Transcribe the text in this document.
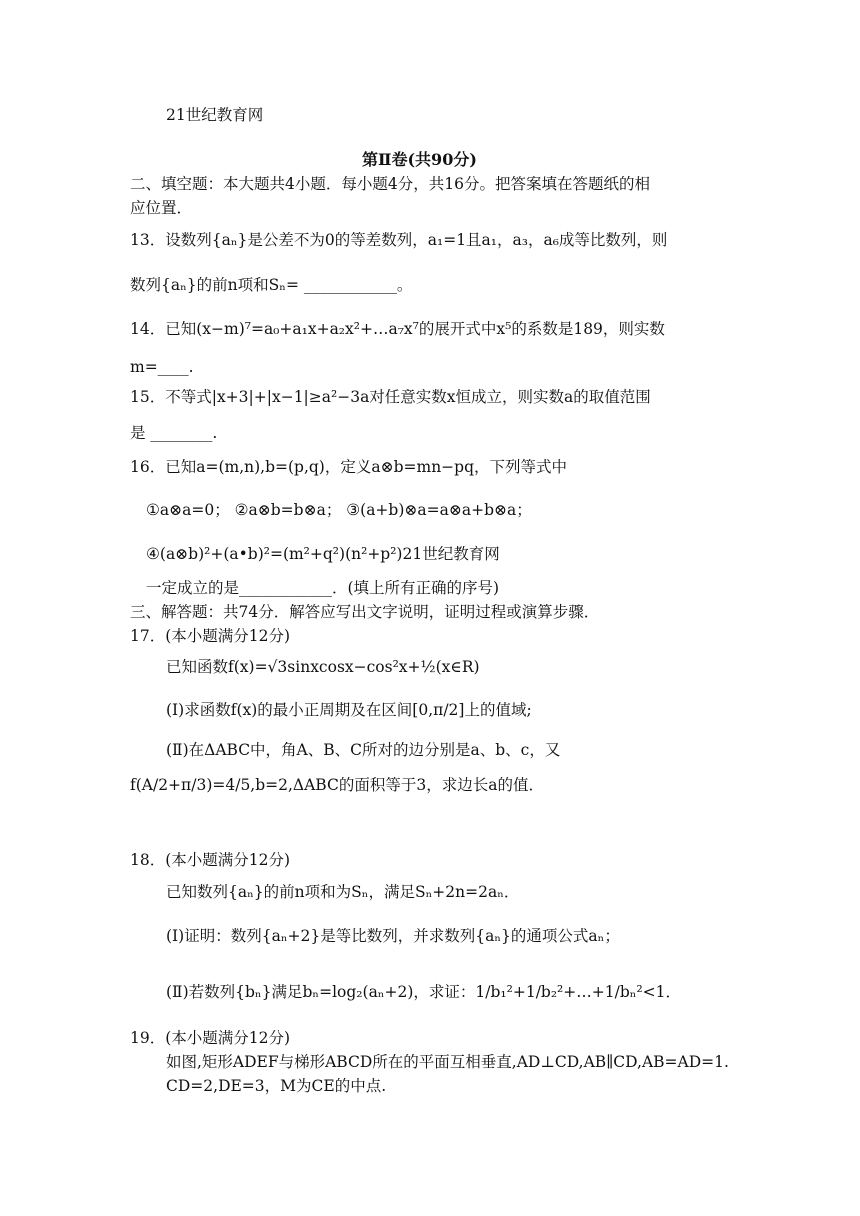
21世纪教育网
第Ⅱ卷(共90分)
二、填空题：本大题共4小题．每小题4分，共16分。把答案填在答题纸的相
应位置．
13．设数列{aₙ}是公差不为0的等差数列，a₁=1且a₁，a₃，a₆成等比数列，则
数列{aₙ}的前n项和Sₙ= ____________。
14．已知(x−m)⁷=a₀+a₁x+a₂x²+…a₇x⁷的展开式中x⁵的系数是189，则实数
m=____.
15．不等式|x+3|+|x−1|≥a²−3a对任意实数x恒成立，则实数a的取值范围
是 ________.
16．已知a=(m,n),b=(p,q)，定义a⊗b=mn−pq，下列等式中
①a⊗a=0； ②a⊗b=b⊗a； ③(a+b)⊗a=a⊗a+b⊗a；
④(a⊗b)²+(a•b)²=(m²+q²)(n²+p²)21世纪教育网
一定成立的是____________．(填上所有正确的序号)
三、解答题：共74分．解答应写出文字说明，证明过程或演算步骤．
17．(本小题满分12分)
已知函数f(x)=√3sinxcosx−cos²x+½(x∈R)
(Ⅰ)求函数f(x)的最小正周期及在区间[0,π/2]上的值域;
(Ⅱ)在ΔABC中，角A、B、C所对的边分别是a、b、c，又
f(A/2+π/3)=4/5,b=2,ΔABC的面积等于3，求边长a的值．
18．(本小题满分12分)
已知数列{aₙ}的前n项和为Sₙ，满足Sₙ+2n=2aₙ．
(Ⅰ)证明：数列{aₙ+2}是等比数列，并求数列{aₙ}的通项公式aₙ；
(Ⅱ)若数列{bₙ}满足bₙ=log₂(aₙ+2)，求证：1/b₁²+1/b₂²+…+1/bₙ²<1．
19．(本小题满分12分)
如图,矩形ADEF与梯形ABCD所在的平面互相垂直,AD⊥CD,AB∥CD,AB=AD=1.
CD=2,DE=3，M为CE的中点.
